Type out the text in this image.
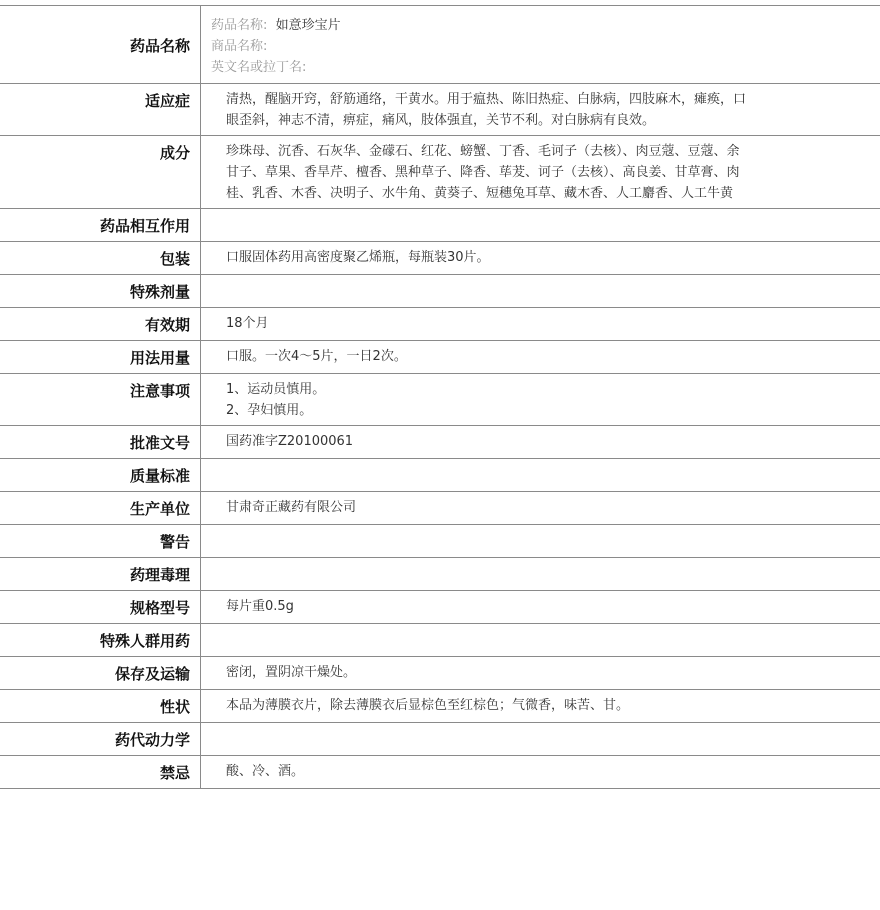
药品名称
药品名称: 如意珍宝片
商品名称:
英文名或拉丁名:
适应症	清热，醒脑开窍，舒筋通络，干黄水。用于瘟热、陈旧热症、白脉病，四肢麻木，瘫痪，口
眼歪斜，神志不清，痹症，痛风，肢体强直，关节不利。对白脉病有良效。
成分	珍珠母、沉香、石灰华、金礞石、红花、螃蟹、丁香、毛诃子（去核）、肉豆蔻、豆蔻、余
甘子、草果、香旱芹、檀香、黑种草子、降香、荜茇、诃子（去核）、高良姜、甘草膏、肉
桂、乳香、木香、决明子、水牛角、黄葵子、短穗兔耳草、藏木香、人工麝香、人工牛黄
药品相互作用
包装	口服固体药用高密度聚乙烯瓶，每瓶装30片。
特殊剂量
有效期	18个月
用法用量	口服。一次4～5片，一日2次。
注意事项	1、运动员慎用。
2、孕妇慎用。
批准文号	国药准字Z20100061
质量标准
生产单位	甘肃奇正藏药有限公司
警告
药理毒理
规格型号	每片重0.5g
特殊人群用药
保存及运输	密闭，置阴凉干燥处。
性状	本品为薄膜衣片，除去薄膜衣后显棕色至红棕色；气微香，味苦、甘。
药代动力学
禁忌	酸、冷、酒。
